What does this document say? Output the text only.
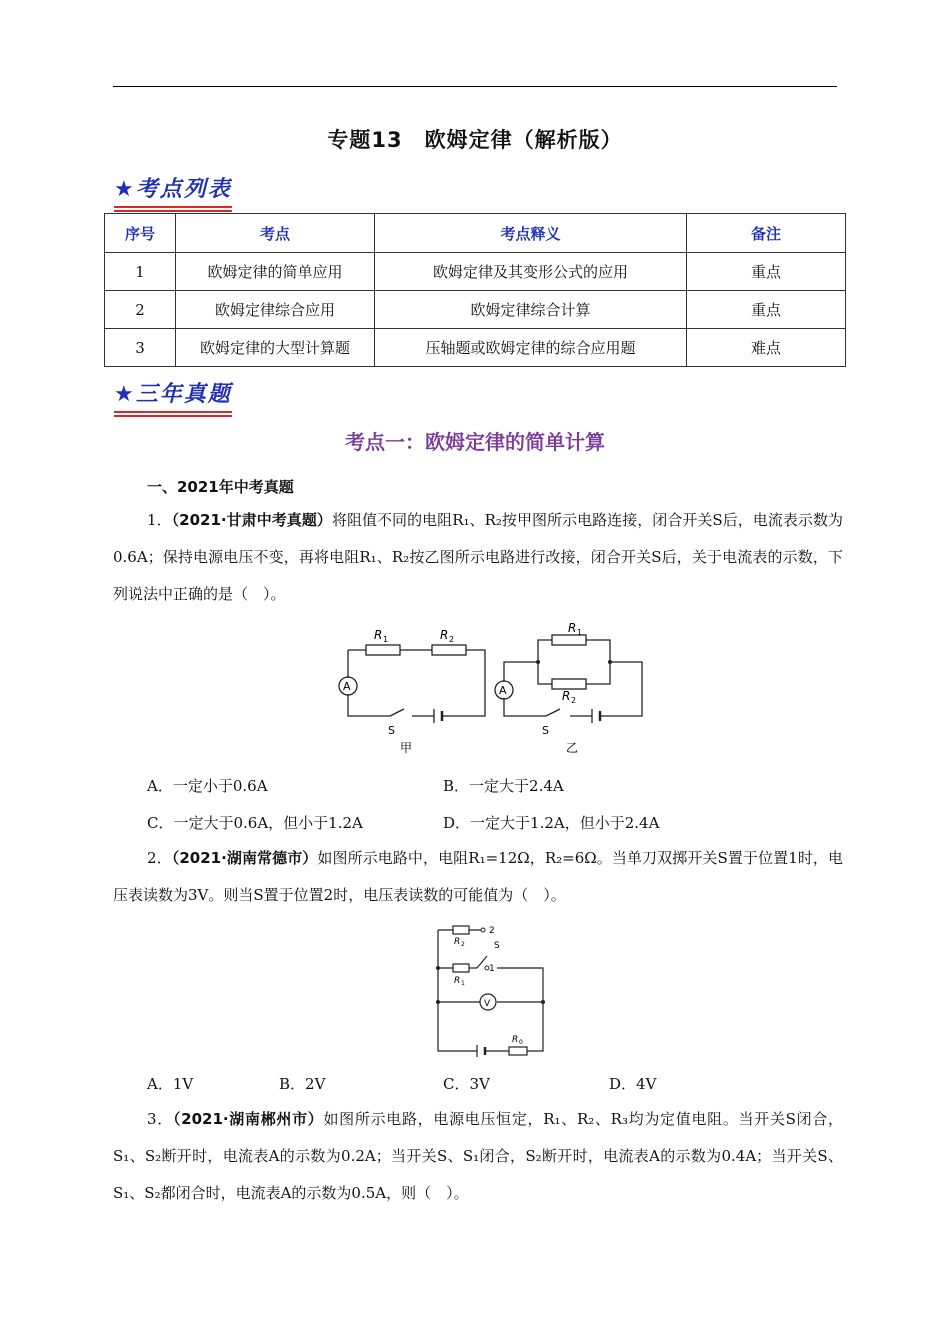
专题13　欧姆定律（解析版）
★考点列表
序号	考点	考点释义	备注
1	欧姆定律的简单应用	欧姆定律及其变形公式的应用	重点
2	欧姆定律综合应用	欧姆定律综合计算	重点
3	欧姆定律的大型计算题	压轴题或欧姆定律的综合应用题	难点
★三年真题
考点一：欧姆定律的简单计算
一、2021年中考真题
1．（2021·甘肃中考真题）将阻值不同的电阻R₁、R₂按甲图所示电路连接，闭合开关S后，电流表示数为0.6A；保持电源电压不变，再将电阻R₁、R₂按乙图所示电路进行改接，闭合开关S后，关于电流表的示数，下列说法中正确的是（　）。
A	A
R 1	R 2
R 1
R 2
S	S
甲	乙
A．一定小于0.6A	B．一定大于2.4A
C．一定大于0.6A，但小于1.2A	D．一定大于1.2A，但小于2.4A
2．（2021·湖南常德市）如图所示电路中，电阻R₁=12Ω，R₂=6Ω。当单刀双掷开关S置于位置1时，电压表读数为3V。则当S置于位置2时，电压表读数的可能值为（　）。
2
1
S
V
R 2
R 1
R 0
A．1V	B．2V	C．3V	D．4V
3．（2021·湖南郴州市）如图所示电路，电源电压恒定，R₁、R₂、R₃均为定值电阻。当开关S闭合，S₁、S₂断开时，电流表A的示数为0.2A；当开关S、S₁闭合，S₂断开时，电流表A的示数为0.4A；当开关S、S₁、S₂都闭合时，电流表A的示数为0.5A，则（　）。
